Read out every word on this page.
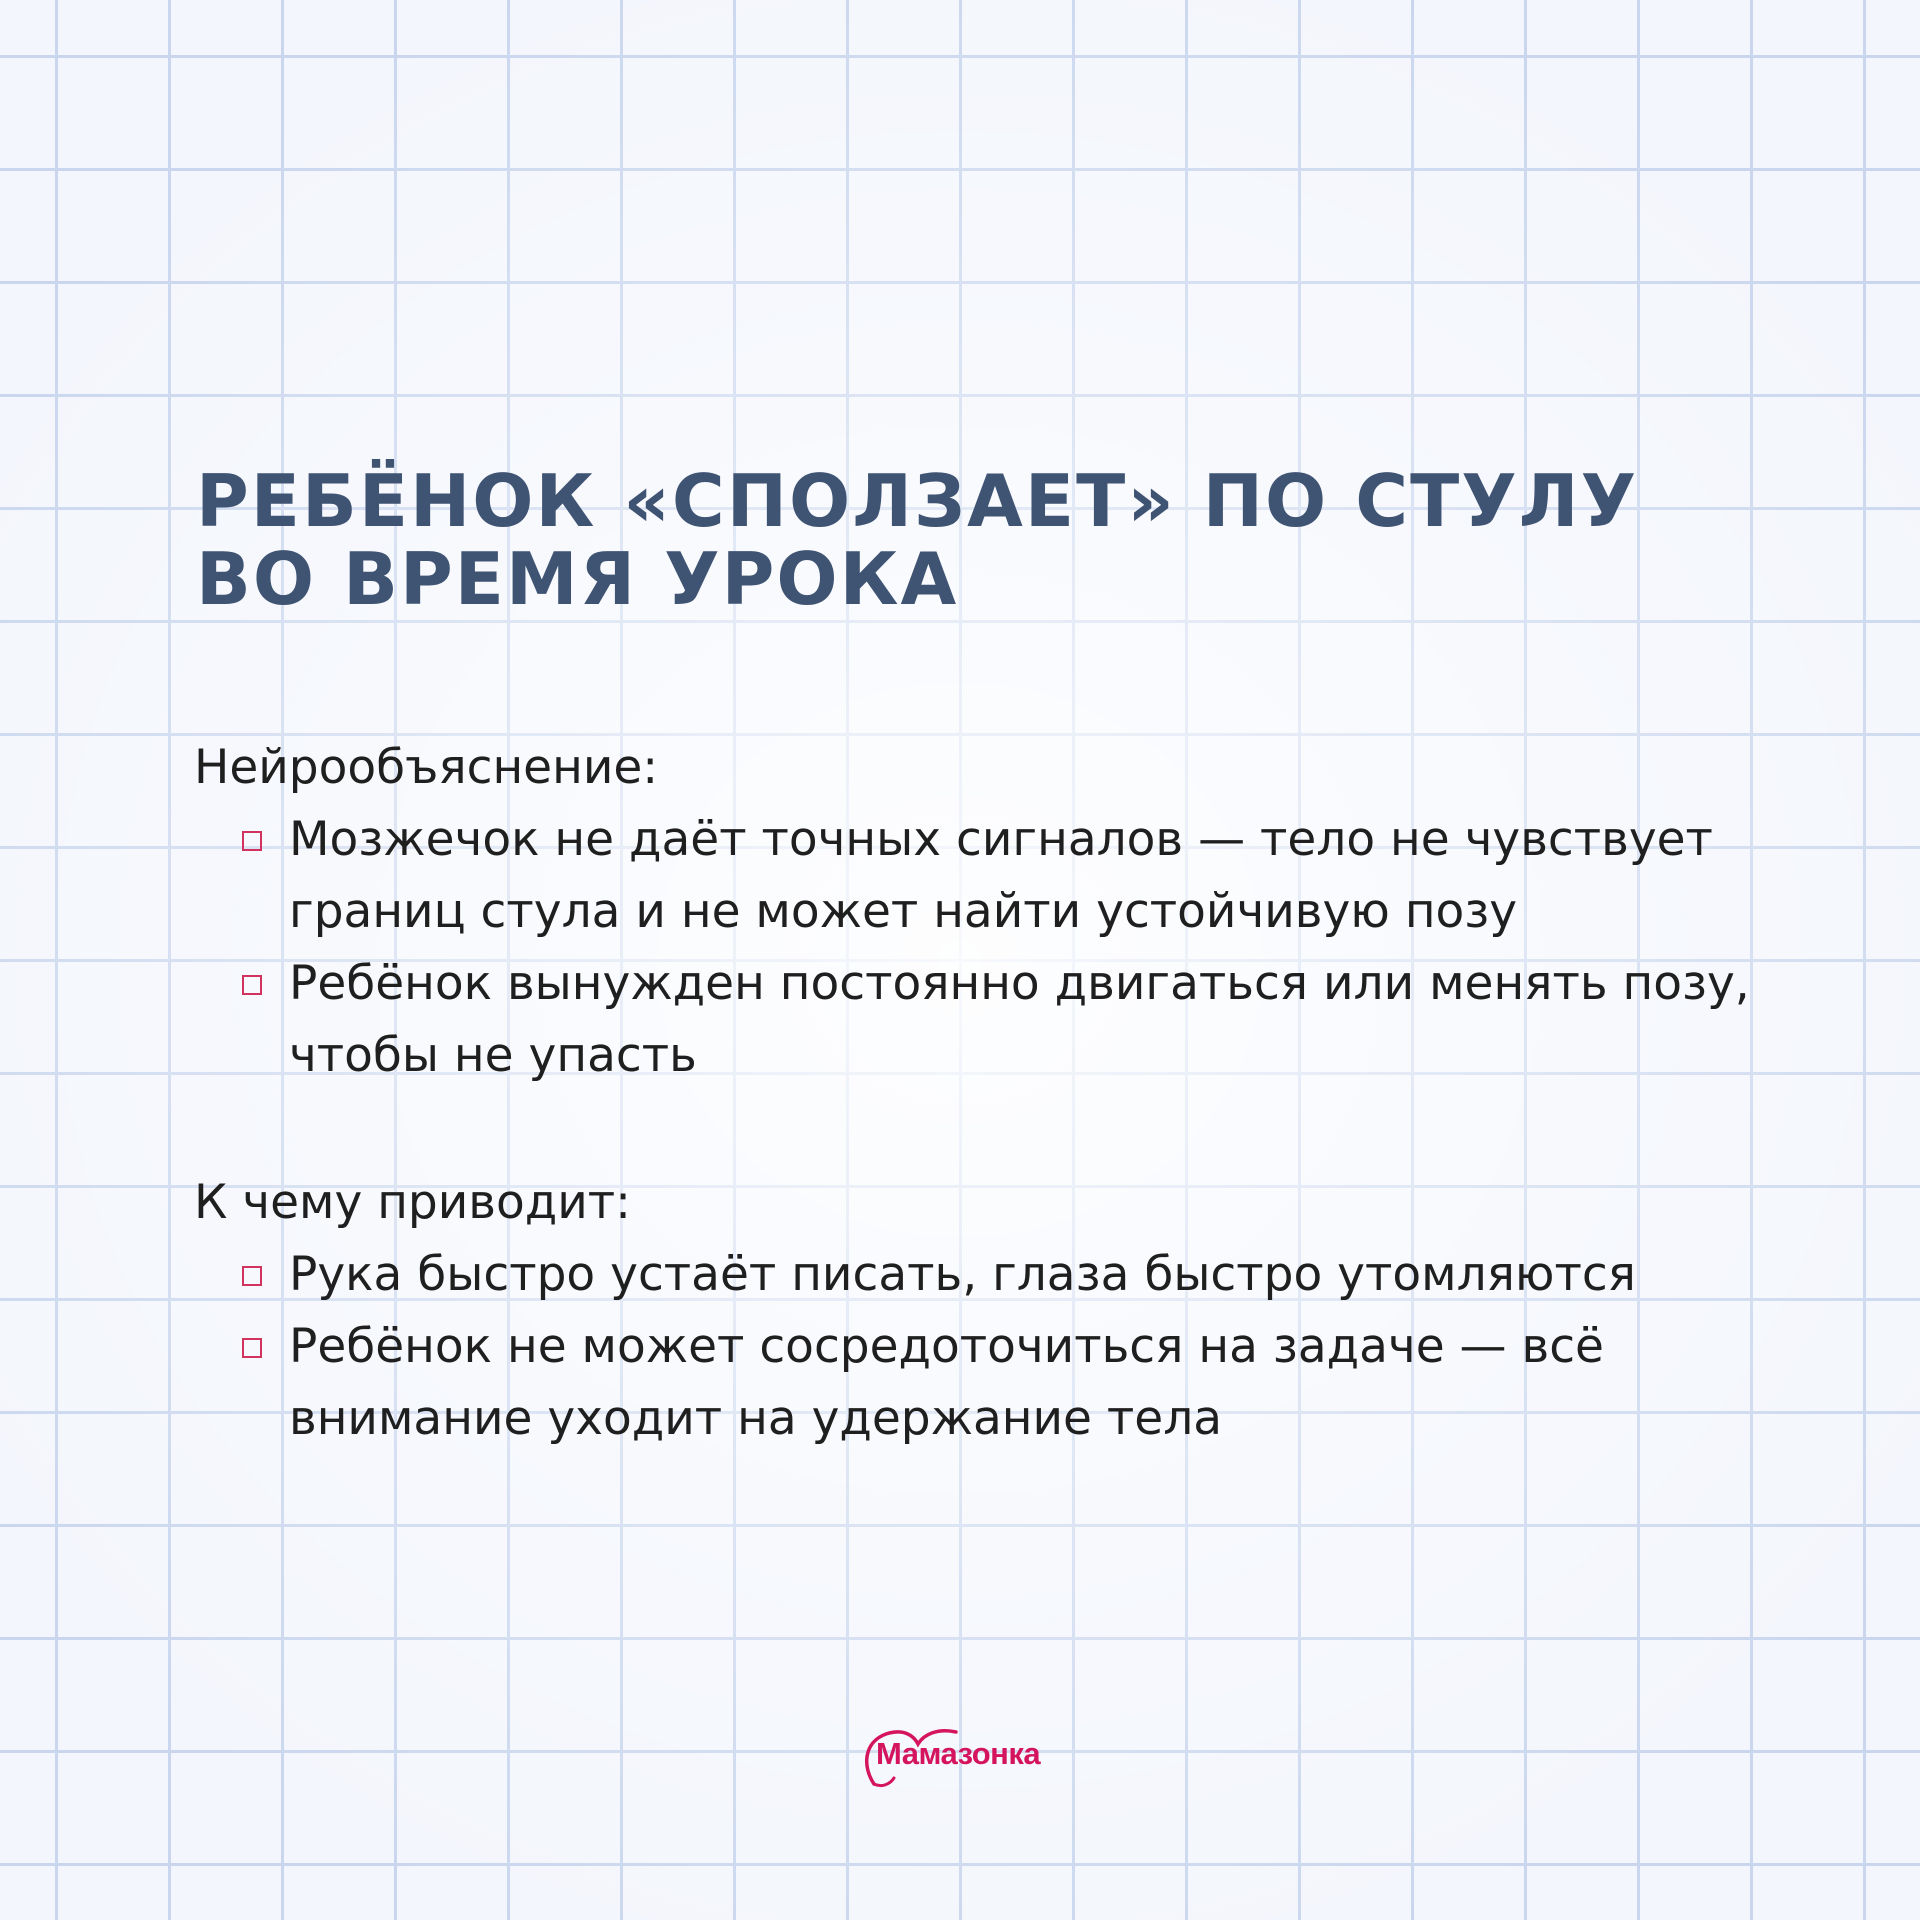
РЕБЁНОК «СПОЛЗАЕТ» ПО СТУЛУ ВО ВРЕМЯ УРОКА

Нейрообъяснение:

Мозжечок не даёт точных сигналов — тело не чувствует границ стула и не может найти устойчивую позу
Ребёнок вынужден постоянно двигаться или менять позу, чтобы не упасть

К чему приводит:

Рука быстро устаёт писать, глаза быстро утомляются
Ребёнок не может сосредоточиться на задаче — всё внимание уходит на удержание тела
Мамазонка
